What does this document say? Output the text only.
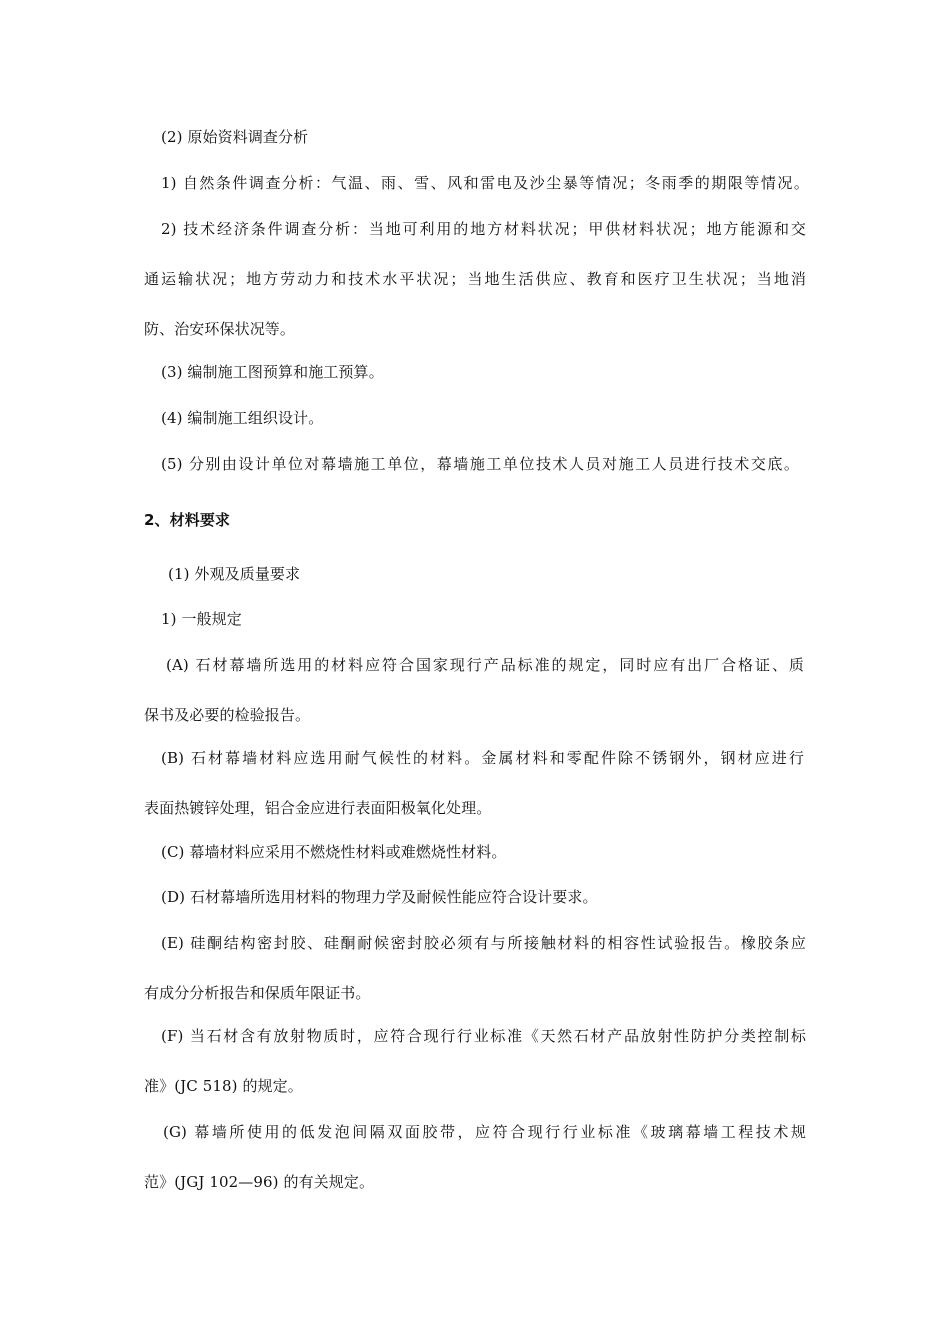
(2) 原始资料调查分析
1) 自然条件调查分析：气温、雨、雪、风和雷电及沙尘暴等情况；冬雨季的期限等情况。
2) 技术经济条件调查分析：当地可利用的地方材料状况；甲供材料状况；地方能源和交
通运输状况；地方劳动力和技术水平状况；当地生活供应、教育和医疗卫生状况；当地消
防、治安环保状况等。
(3) 编制施工图预算和施工预算。
(4) 编制施工组织设计。
(5) 分别由设计单位对幕墙施工单位，幕墙施工单位技术人员对施工人员进行技术交底。
2、材料要求
(1) 外观及质量要求
1) 一般规定
(A) 石材幕墙所选用的材料应符合国家现行产品标准的规定，同时应有出厂合格证、质
保书及必要的检验报告。
(B) 石材幕墙材料应选用耐气候性的材料。金属材料和零配件除不锈钢外，钢材应进行
表面热镀锌处理，铝合金应进行表面阳极氧化处理。
(C) 幕墙材料应采用不燃烧性材料或难燃烧性材料。
(D) 石材幕墙所选用材料的物理力学及耐候性能应符合设计要求。
(E) 硅酮结构密封胶、硅酮耐候密封胶必须有与所接触材料的相容性试验报告。橡胶条应
有成分分析报告和保质年限证书。
(F) 当石材含有放射物质时，应符合现行行业标准《天然石材产品放射性防护分类控制标
准》(JC 518) 的规定。
(G) 幕墙所使用的低发泡间隔双面胶带，应符合现行行业标准《玻璃幕墙工程技术规
范》(JGJ 102—96) 的有关规定。
